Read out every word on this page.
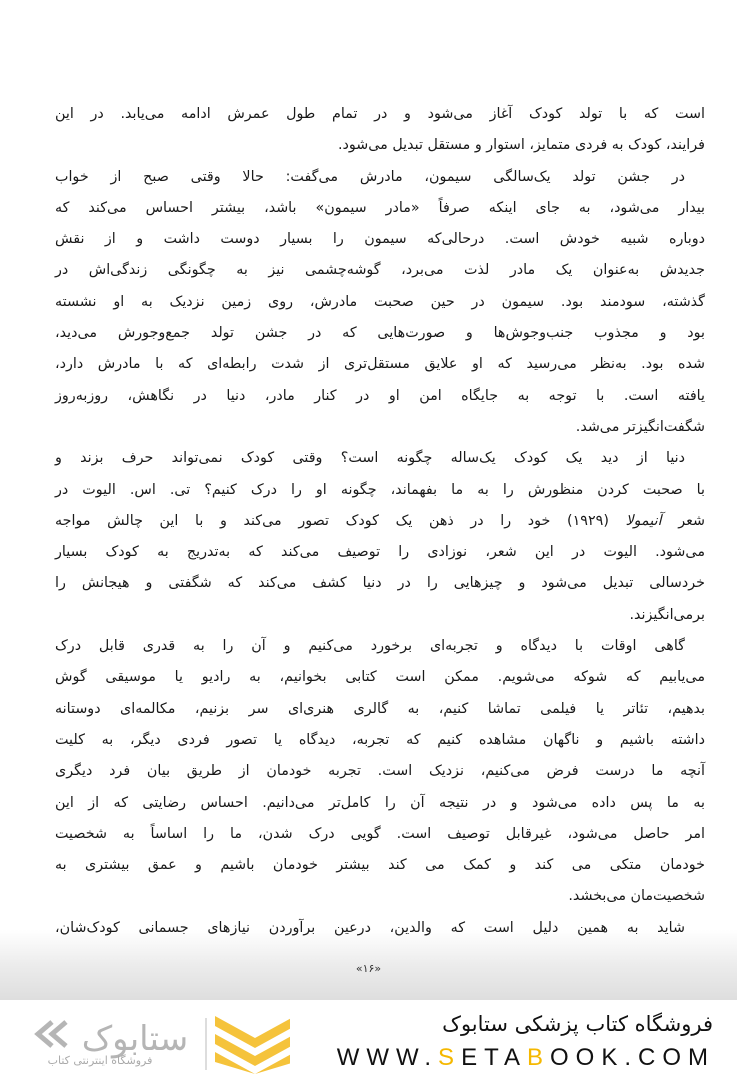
است که با تولد کودک آغاز می‌شود و در تمام طول عمرش ادامه می‌یابد. در این
فرایند، کودک به فردی متمایز، استوار و مستقل تبدیل می‌شود.
در جشن تولد یک‌سالگی سیمون، مادرش می‌گفت: حالا وقتی صبح از خواب
بیدار می‌شود، به جای اینکه صرفاً «مادر سیمون» باشد، بیشتر احساس می‌کند که
دوباره شبیه خودش است. درحالی‌که سیمون را بسیار دوست داشت و از نقش
جدیدش به‌عنوان یک مادر لذت می‌برد، گوشه‌چشمی نیز به چگونگی زندگی‌اش در
گذشته، سودمند بود. سیمون در حین صحبت مادرش، روی زمین نزدیک به او نشسته
بود و مجذوب جنب‌وجوش‌ها و صورت‌هایی که در جشن تولد جمع‌وجورش می‌دید،
شده بود. به‌نظر می‌رسید که او علایق مستقل‌تری از شدت رابطه‌ای که با مادرش دارد،
یافته است. با توجه به جایگاه امن او در کنار مادر، دنیا در نگاهش، روزبه‌روز
شگفت‌انگیزتر می‌شد.
دنیا از دید یک کودک یک‌ساله چگونه است؟ وقتی کودک نمی‌تواند حرف بزند و
با صحبت کردن منظورش را به ما بفهماند، چگونه او را درک کنیم؟ تی. اس. الیوت در
شعر آنیمولا (۱۹۲۹) خود را در ذهن یک کودک تصور می‌کند و با این چالش مواجه
می‌شود. الیوت در این شعر، نوزادی را توصیف می‌کند که به‌تدریج به کودک بسیار
خردسالی تبدیل می‌شود و چیزهایی را در دنیا کشف می‌کند که شگفتی و هیجانش را
برمی‌انگیزند.
گاهی اوقات با دیدگاه و تجربه‌ای برخورد می‌کنیم و آن را به قدری قابل درک
می‌یابیم که شوکه می‌شویم. ممکن است کتابی بخوانیم، به رادیو یا موسیقی گوش
بدهیم، تئاتر یا فیلمی تماشا کنیم، به گالری هنری‌ای سر بزنیم، مکالمه‌ای دوستانه
داشته باشیم و ناگهان مشاهده کنیم که تجربه، دیدگاه یا تصور فردی دیگر، به کلیت
آنچه ما درست فرض می‌کنیم، نزدیک است. تجربه خودمان از طریق بیان فرد دیگری
به ما پس داده می‌شود و در نتیجه آن را کامل‌تر می‌دانیم. احساس رضایتی که از این
امر حاصل می‌شود، غیرقابل توصیف است. گویی درک شدن، ما را اساساً به شخصیت
خودمان متکی می کند و کمک می کند بیشتر خودمان باشیم و عمق بیشتری به
شخصیت‌مان می‌بخشد.
شاید به همین دلیل است که والدین، درعین برآوردن نیازهای جسمانی کودک‌شان،
«۱۶»
ستابوک
فروشگاه اینترنتی کتاب
فروشگاه کتاب پزشکی ستابوک
WWW.SETABOOK.COM
